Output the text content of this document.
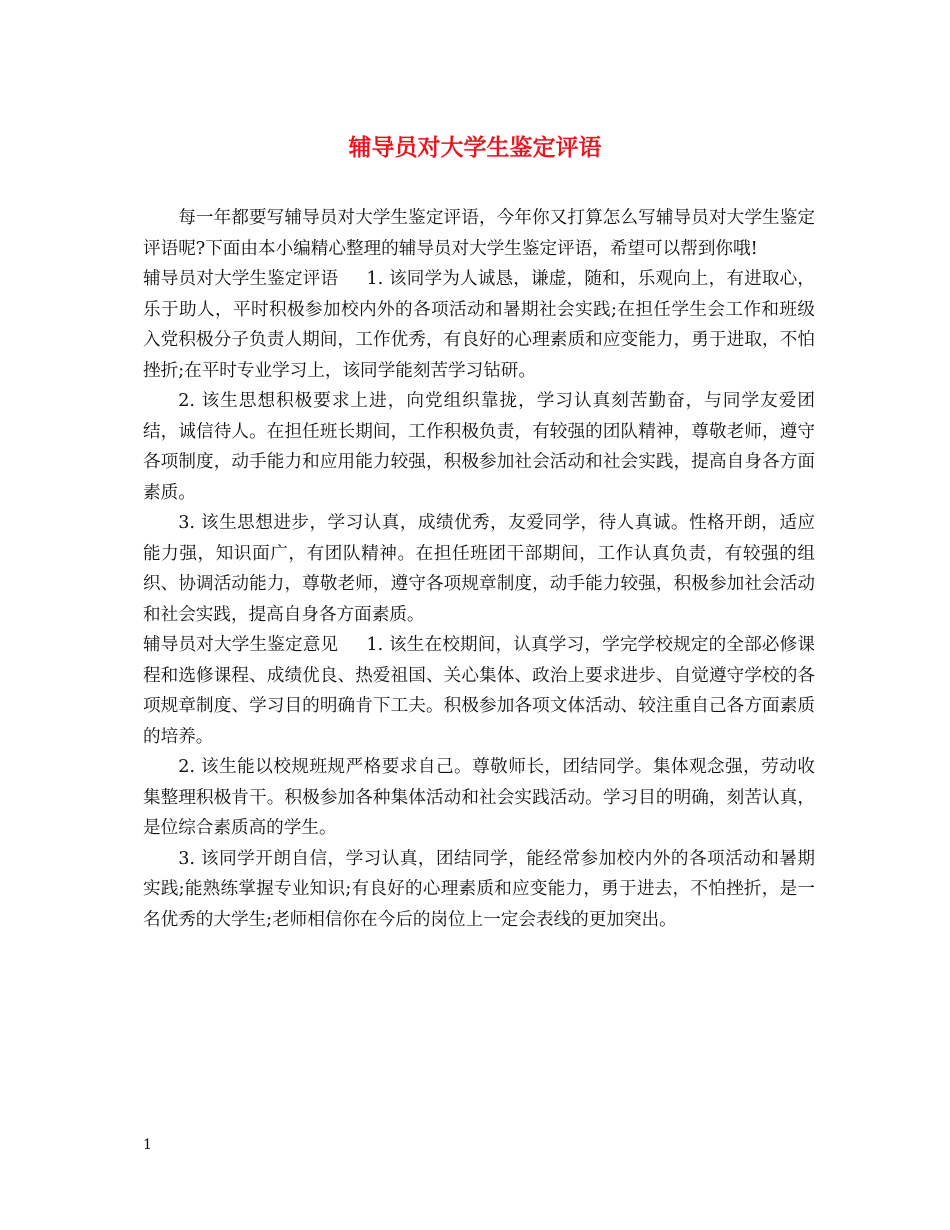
辅导员对大学生鉴定评语

每一年都要写辅导员对大学生鉴定评语，今年你又打算怎么写辅导员对大学生鉴定评语呢?下面由本小编精心整理的辅导员对大学生鉴定评语，希望可以帮到你哦!

辅导员对大学生鉴定评语 1. 该同学为人诚恳，谦虚，随和，乐观向上，有进取心，乐于助人，平时积极参加校内外的各项活动和暑期社会实践;在担任学生会工作和班级入党积极分子负责人期间，工作优秀，有良好的心理素质和应变能力，勇于进取，不怕挫折;在平时专业学习上，该同学能刻苦学习钻研。

2. 该生思想积极要求上进，向党组织靠拢，学习认真刻苦勤奋，与同学友爱团结，诚信待人。在担任班长期间，工作积极负责，有较强的团队精神，尊敬老师，遵守各项制度，动手能力和应用能力较强，积极参加社会活动和社会实践，提高自身各方面素质。

3. 该生思想进步，学习认真，成绩优秀，友爱同学，待人真诚。性格开朗，适应能力强，知识面广，有团队精神。在担任班团干部期间，工作认真负责，有较强的组织、协调活动能力，尊敬老师，遵守各项规章制度，动手能力较强，积极参加社会活动和社会实践，提高自身各方面素质。

辅导员对大学生鉴定意见 1. 该生在校期间，认真学习，学完学校规定的全部必修课程和选修课程、成绩优良、热爱祖国、关心集体、政治上要求进步、自觉遵守学校的各项规章制度、学习目的明确肯下工夫。积极参加各项文体活动、较注重自己各方面素质的培养。

2. 该生能以校规班规严格要求自己。尊敬师长，团结同学。集体观念强，劳动收集整理积极肯干。积极参加各种集体活动和社会实践活动。学习目的明确，刻苦认真，是位综合素质高的学生。

3. 该同学开朗自信，学习认真，团结同学，能经常参加校内外的各项活动和暑期实践;能熟练掌握专业知识;有良好的心理素质和应变能力，勇于进去，不怕挫折，是一名优秀的大学生;老师相信你在今后的岗位上一定会表线的更加突出。

1
